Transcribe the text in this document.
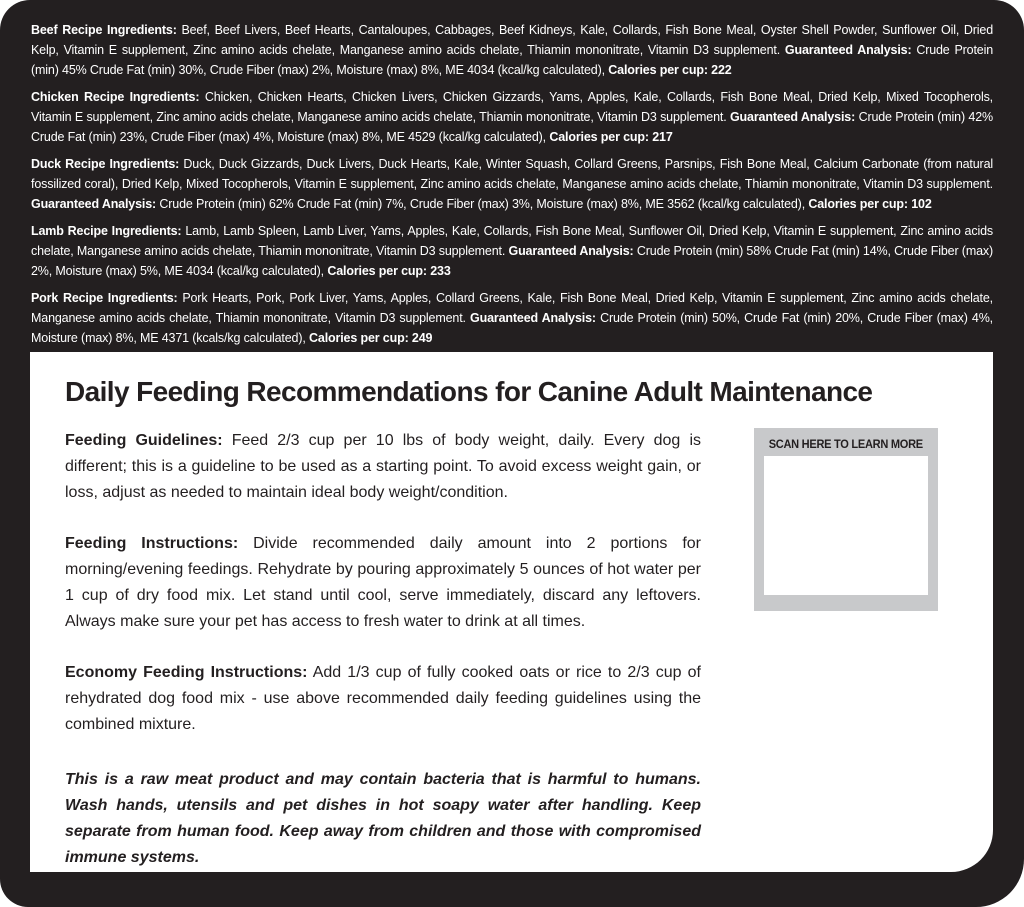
Beef Recipe Ingredients: Beef, Beef Livers, Beef Hearts, Cantaloupes, Cabbages, Beef Kidneys, Kale, Collards, Fish Bone Meal, Oyster Shell Powder, Sunflower Oil, Dried Kelp, Vitamin E supplement, Zinc amino acids chelate, Manganese amino acids chelate, Thiamin mononitrate, Vitamin D3 supplement. Guaranteed Analysis: Crude Protein (min) 45% Crude Fat (min) 30%, Crude Fiber (max) 2%, Moisture (max) 8%, ME 4034 (kcal/kg calculated), Calories per cup: 222

Chicken Recipe Ingredients: Chicken, Chicken Hearts, Chicken Livers, Chicken Gizzards, Yams, Apples, Kale, Collards, Fish Bone Meal, Dried Kelp, Mixed Tocopherols, Vitamin E supplement, Zinc amino acids chelate, Manganese amino acids chelate, Thiamin mononitrate, Vitamin D3 supplement. Guaranteed Analysis: Crude Protein (min) 42% Crude Fat (min) 23%, Crude Fiber (max) 4%, Moisture (max) 8%, ME 4529 (kcal/kg calculated), Calories per cup: 217

Duck Recipe Ingredients: Duck, Duck Gizzards, Duck Livers, Duck Hearts, Kale, Winter Squash, Collard Greens, Parsnips, Fish Bone Meal, Calcium Carbonate (from natural fossilized coral), Dried Kelp, Mixed Tocopherols, Vitamin E supplement, Zinc amino acids chelate, Manganese amino acids chelate, Thiamin mononitrate, Vitamin D3 supplement. Guaranteed Analysis: Crude Protein (min) 62% Crude Fat (min) 7%, Crude Fiber (max) 3%, Moisture (max) 8%, ME 3562 (kcal/kg calculated), Calories per cup: 102

Lamb Recipe Ingredients: Lamb, Lamb Spleen, Lamb Liver, Yams, Apples, Kale, Collards, Fish Bone Meal, Sunflower Oil, Dried Kelp, Vitamin E supplement, Zinc amino acids chelate, Manganese amino acids chelate, Thiamin mononitrate, Vitamin D3 supplement. Guaranteed Analysis: Crude Protein (min) 58% Crude Fat (min) 14%, Crude Fiber (max) 2%, Moisture (max) 5%, ME 4034 (kcal/kg calculated), Calories per cup: 233

Pork Recipe Ingredients: Pork Hearts, Pork, Pork Liver, Yams, Apples, Collard Greens, Kale, Fish Bone Meal, Dried Kelp, Vitamin E supplement, Zinc amino acids chelate, Manganese amino acids chelate, Thiamin mononitrate, Vitamin D3 supplement. Guaranteed Analysis: Crude Protein (min) 50%, Crude Fat (min) 20%, Crude Fiber (max) 4%, Moisture (max) 8%, ME 4371 (kcals/kg calculated), Calories per cup: 249

Daily Feeding Recommendations for Canine Adult Maintenance

Feeding Guidelines: Feed 2/3 cup per 10 lbs of body weight, daily. Every dog is different; this is a guideline to be used as a starting point. To avoid excess weight gain, or loss, adjust as needed to maintain ideal body weight/condition.

Feeding Instructions: Divide recommended daily amount into 2 portions for morning/evening feedings. Rehydrate by pouring approximately 5 ounces of hot water per 1 cup of dry food mix. Let stand until cool, serve immediately, discard any leftovers. Always make sure your pet has access to fresh water to drink at all times.

Economy Feeding Instructions: Add 1/3 cup of fully cooked oats or rice to 2/3 cup of rehydrated dog food mix - use above recommended daily feeding guidelines using the combined mixture.

This is a raw meat product and may contain bacteria that is harmful to humans. Wash hands, utensils and pet dishes in hot soapy water after handling. Keep separate from human food. Keep away from children and those with compromised immune systems.

SCAN HERE TO LEARN MORE
